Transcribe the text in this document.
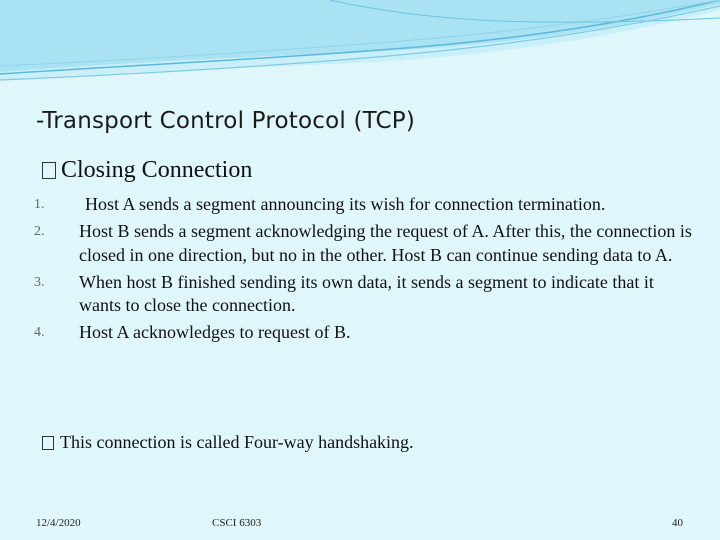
-Transport Control Protocol (TCP)
Closing Connection
1.	Host A sends a segment announcing its wish for connection termination.
2.	Host B sends a segment acknowledging the request of A. After this, the connection is closed in one direction, but no in the other. Host B can continue sending data to A.
3.	When host B finished sending its own data, it sends a segment to indicate that it wants to close the connection.
4.	Host A acknowledges to request of B.
This connection is called Four-way handshaking.
12/4/2020	CSCI 6303	40
